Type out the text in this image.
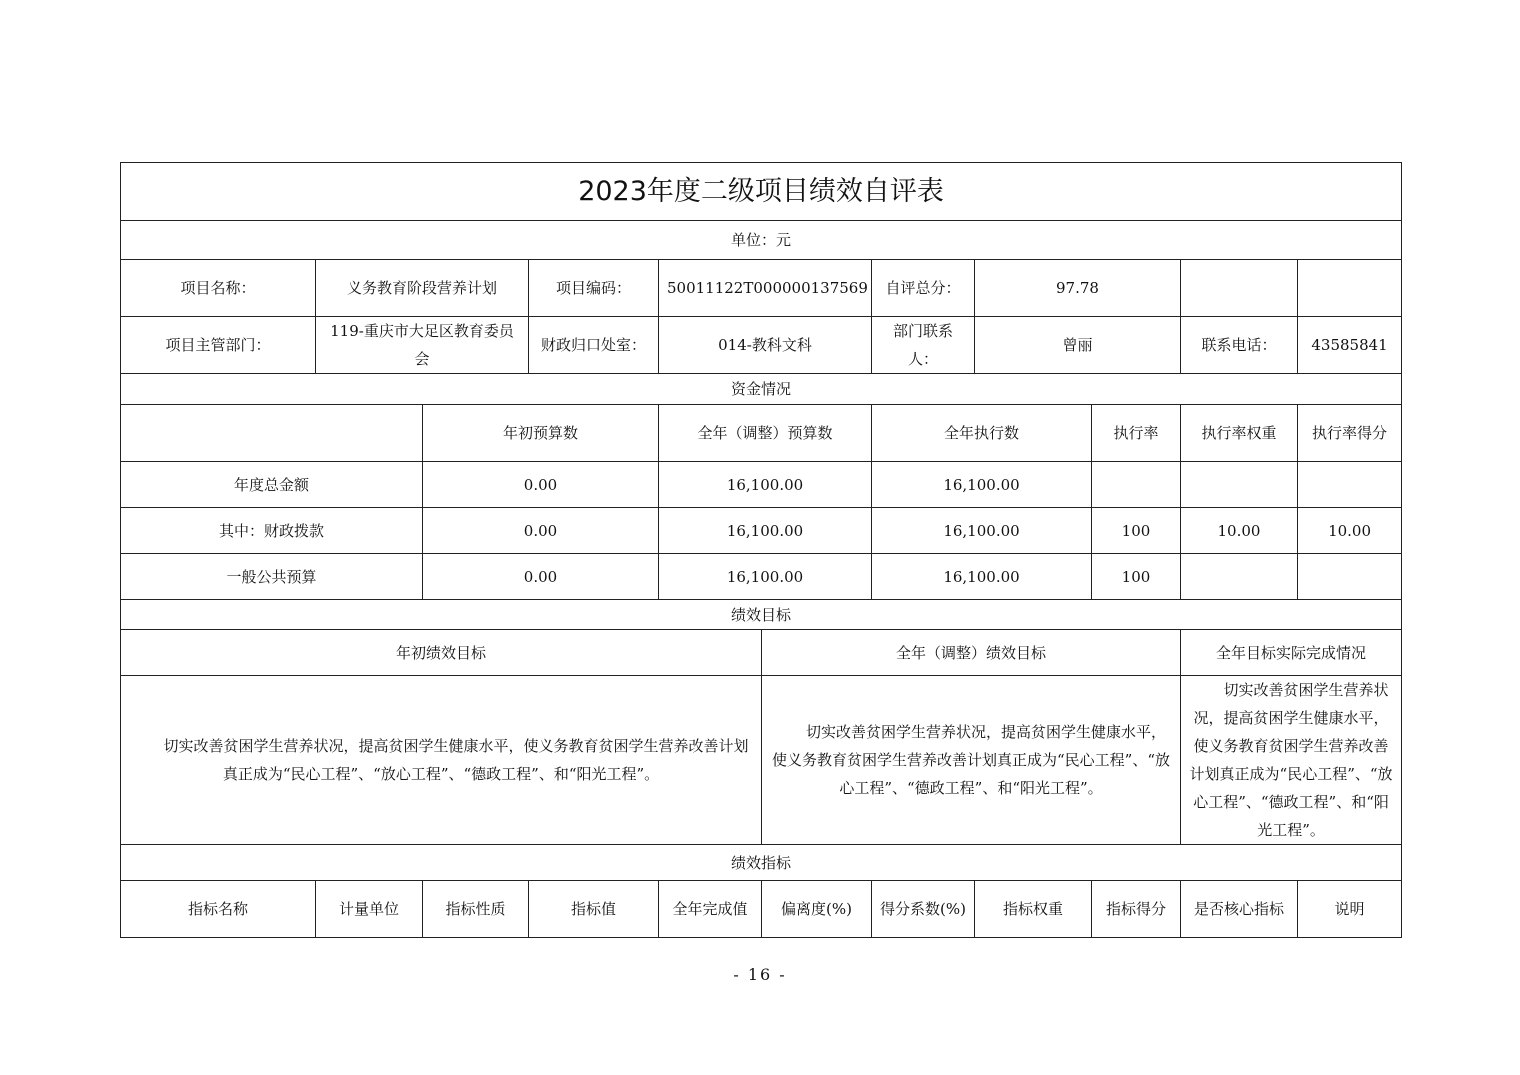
2023年度二级项目绩效自评表										
单位：元										
项目名称：	义务教育阶段营养计划		项目编码：	50011122T000000137569		自评总分：	97.78			
项目主管部门：	119-重庆市大足区教育委员会		财政归口处室：	014-教科文科		部门联系人：	曾丽		联系电话：	43585841
资金情况										
		年初预算数		全年（调整）预算数		全年执行数		执行率	执行率权重	执行率得分
年度总金额		0.00		16,100.00		16,100.00				
其中：财政拨款		0.00		16,100.00		16,100.00		100	10.00	10.00
一般公共预算		0.00		16,100.00		16,100.00		100		
绩效目标										
年初绩效目标					全年（调整）绩效目标				全年目标实际完成情况	
切实改善贫困学生营养状况，提高贫困学生健康水平，使义务教育贫困学生营养改善计划真正成为“民心工程”、“放心工程”、“德政工程”、和“阳光工程”。					切实改善贫困学生营养状况，提高贫困学生健康水平，使义务教育贫困学生营养改善计划真正成为“民心工程”、“放心工程”、“德政工程”、和“阳光工程”。				切实改善贫困学生营养状况，提高贫困学生健康水平，使义务教育贫困学生营养改善计划真正成为“民心工程”、“放心工程”、“德政工程”、和“阳光工程”。	
绩效指标										
指标名称	计量单位	指标性质	指标值	全年完成值	偏离度(%)	得分系数(%)	指标权重	指标得分	是否核心指标	说明
- 16 -
